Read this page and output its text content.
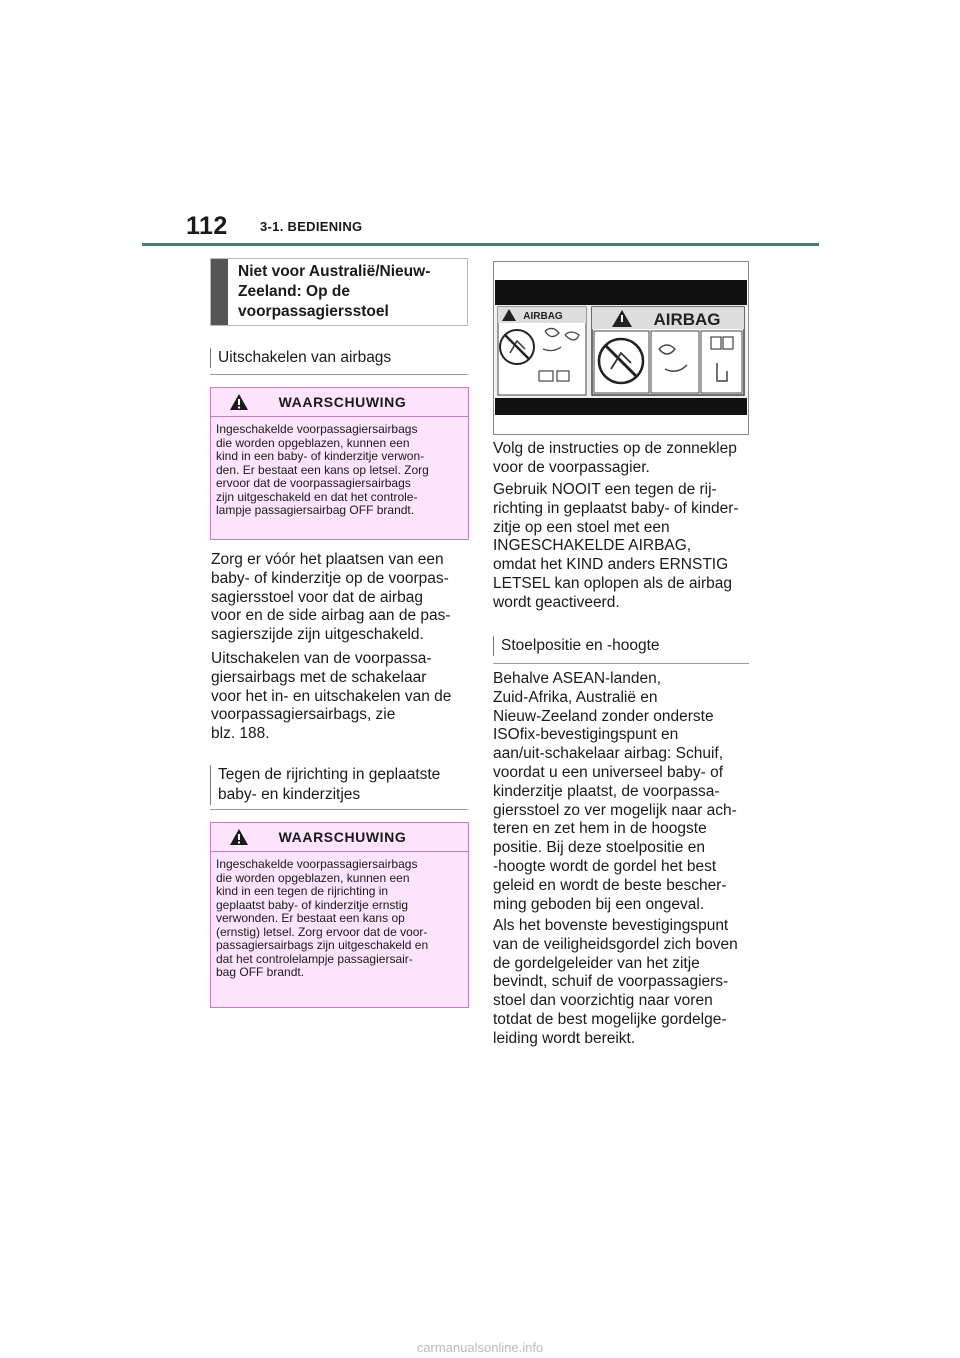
112 3-1. BEDIENING
Niet voor Australië/Nieuw-Zeeland: Op de voorpassagiersstoel
Uitschakelen van airbags
WAARSCHUWING
Ingeschakelde voorpassagiersairbags
die worden opgeblazen, kunnen een
kind in een baby- of kinderzitje verwon-
den. Er bestaat een kans op letsel. Zorg
ervoor dat de voorpassagiersairbags
zijn uitgeschakeld en dat het controle-
lampje passagiersairbag OFF brandt.
Zorg er vóór het plaatsen van een
baby- of kinderzitje op de voorpas-
sagiersstoel voor dat de airbag
voor en de side airbag aan de pas-
sagierszijde zijn uitgeschakeld.
Uitschakelen van de voorpassa-
giersairbags met de schakelaar
voor het in- en uitschakelen van de
voorpassagiersairbags, zie
blz. 188.
Tegen de rijrichting in geplaatste
baby- en kinderzitjes
WAARSCHUWING
Ingeschakelde voorpassagiersairbags
die worden opgeblazen, kunnen een
kind in een tegen de rijrichting in
geplaatst baby- of kinderzitje ernstig
verwonden. Er bestaat een kans op
(ernstig) letsel. Zorg ervoor dat de voor-
passagiersairbags zijn uitgeschakeld en
dat het controlelampje passagiersair-
bag OFF brandt.
AIRBAG	AIRBAG
Volg de instructies op de zonneklep
voor de voorpassagier.
Gebruik NOOIT een tegen de rij-
richting in geplaatst baby- of kinder-
zitje op een stoel met een
INGESCHAKELDE AIRBAG,
omdat het KIND anders ERNSTIG
LETSEL kan oplopen als de airbag
wordt geactiveerd.
Stoelpositie en -hoogte
Behalve ASEAN-landen,
Zuid-Afrika, Australië en
Nieuw-Zeeland zonder onderste
ISOfix-bevestigingspunt en
aan/uit-schakelaar airbag: Schuif,
voordat u een universeel baby- of
kinderzitje plaatst, de voorpassa-
giersstoel zo ver mogelijk naar ach-
teren en zet hem in de hoogste
positie. Bij deze stoelpositie en
-hoogte wordt de gordel het best
geleid en wordt de beste bescher-
ming geboden bij een ongeval.
Als het bovenste bevestigingspunt
van de veiligheidsgordel zich boven
de gordelgeleider van het zitje
bevindt, schuif de voorpassagiers-
stoel dan voorzichtig naar voren
totdat de best mogelijke gordelge-
leiding wordt bereikt.
carmanualsonline.info
